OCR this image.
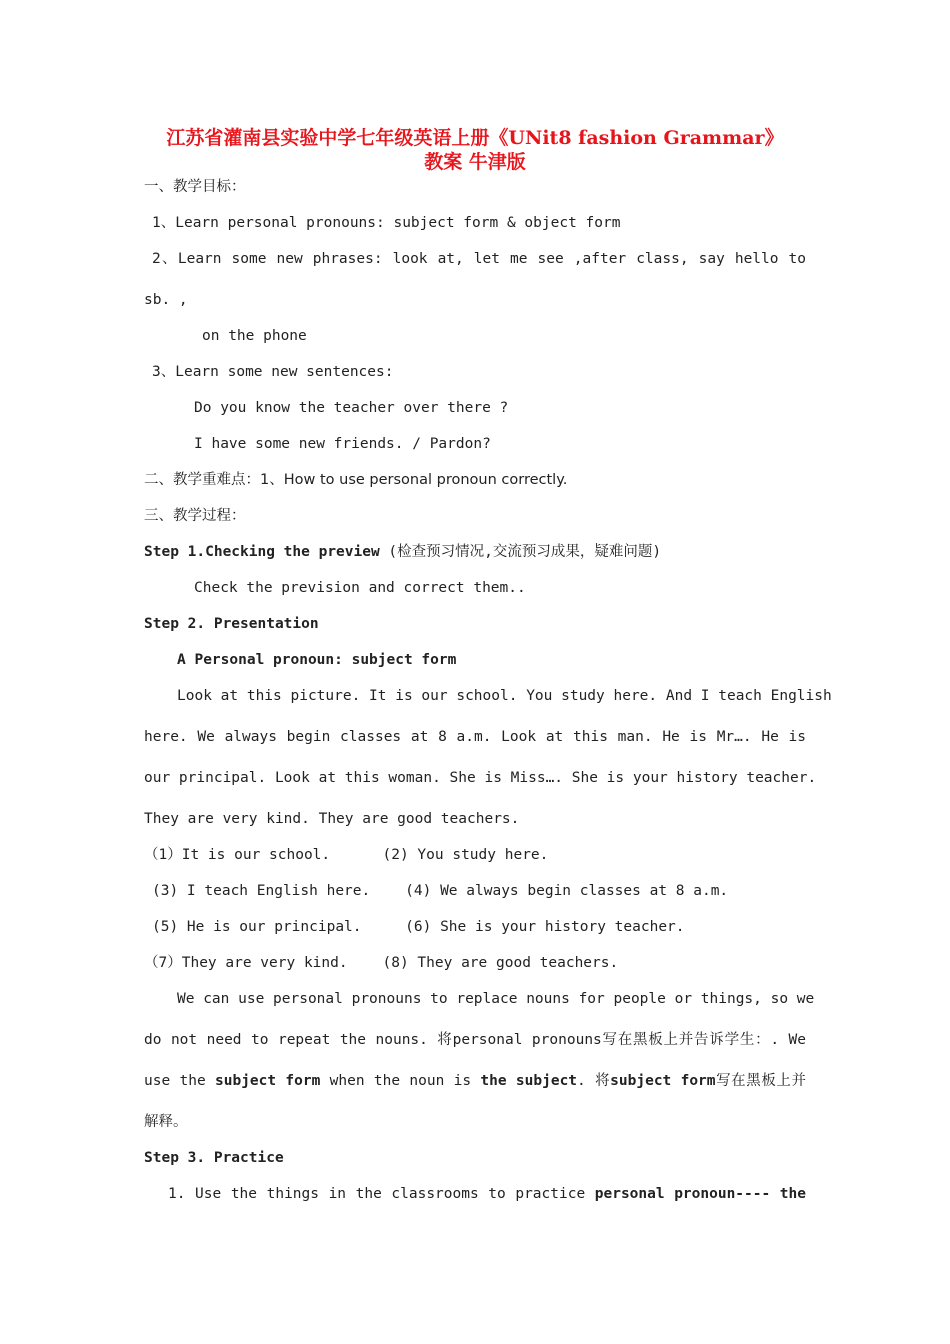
江苏省灌南县实验中学七年级英语上册《UNit8 fashion Grammar》
教案 牛津版
一、教学目标：
1、Learn personal pronouns: subject form & object form
2、Learn some new phrases: look at, let me see ,after class, say hello to
sb. ,
on the phone
3、Learn some new sentences:
Do you know the teacher over there ?
I have some new friends. / Pardon?
二、教学重难点：1、How to use personal pronoun correctly.
三、教学过程：
Step 1.Checking the preview (检查预习情况,交流预习成果，疑难问题)
Check the prevision and correct them..
Step 2. Presentation
A Personal pronoun: subject form
Look at this picture. It is our school. You study here. And I teach English
here. We always begin classes at 8 a.m. Look at this man. He is Mr…. He is
our principal. Look at this woman. She is Miss…. She is your history teacher.
They are very kind. They are good teachers.
（1）It is our school.      (2) You study here.
(3) I teach English here.    (4) We always begin classes at 8 a.m.
(5) He is our principal.     (6) She is your history teacher.
（7）They are very kind.    (8) They are good teachers.
We can use personal pronouns to replace nouns for people or things, so we
do not need to repeat the nouns. 将personal pronouns写在黑板上并告诉学生：. We
use the subject form when the noun is the subject. 将subject form写在黑板上并
解释。
Step 3. Practice
1. Use the things in the classrooms to practice personal pronoun---- the
